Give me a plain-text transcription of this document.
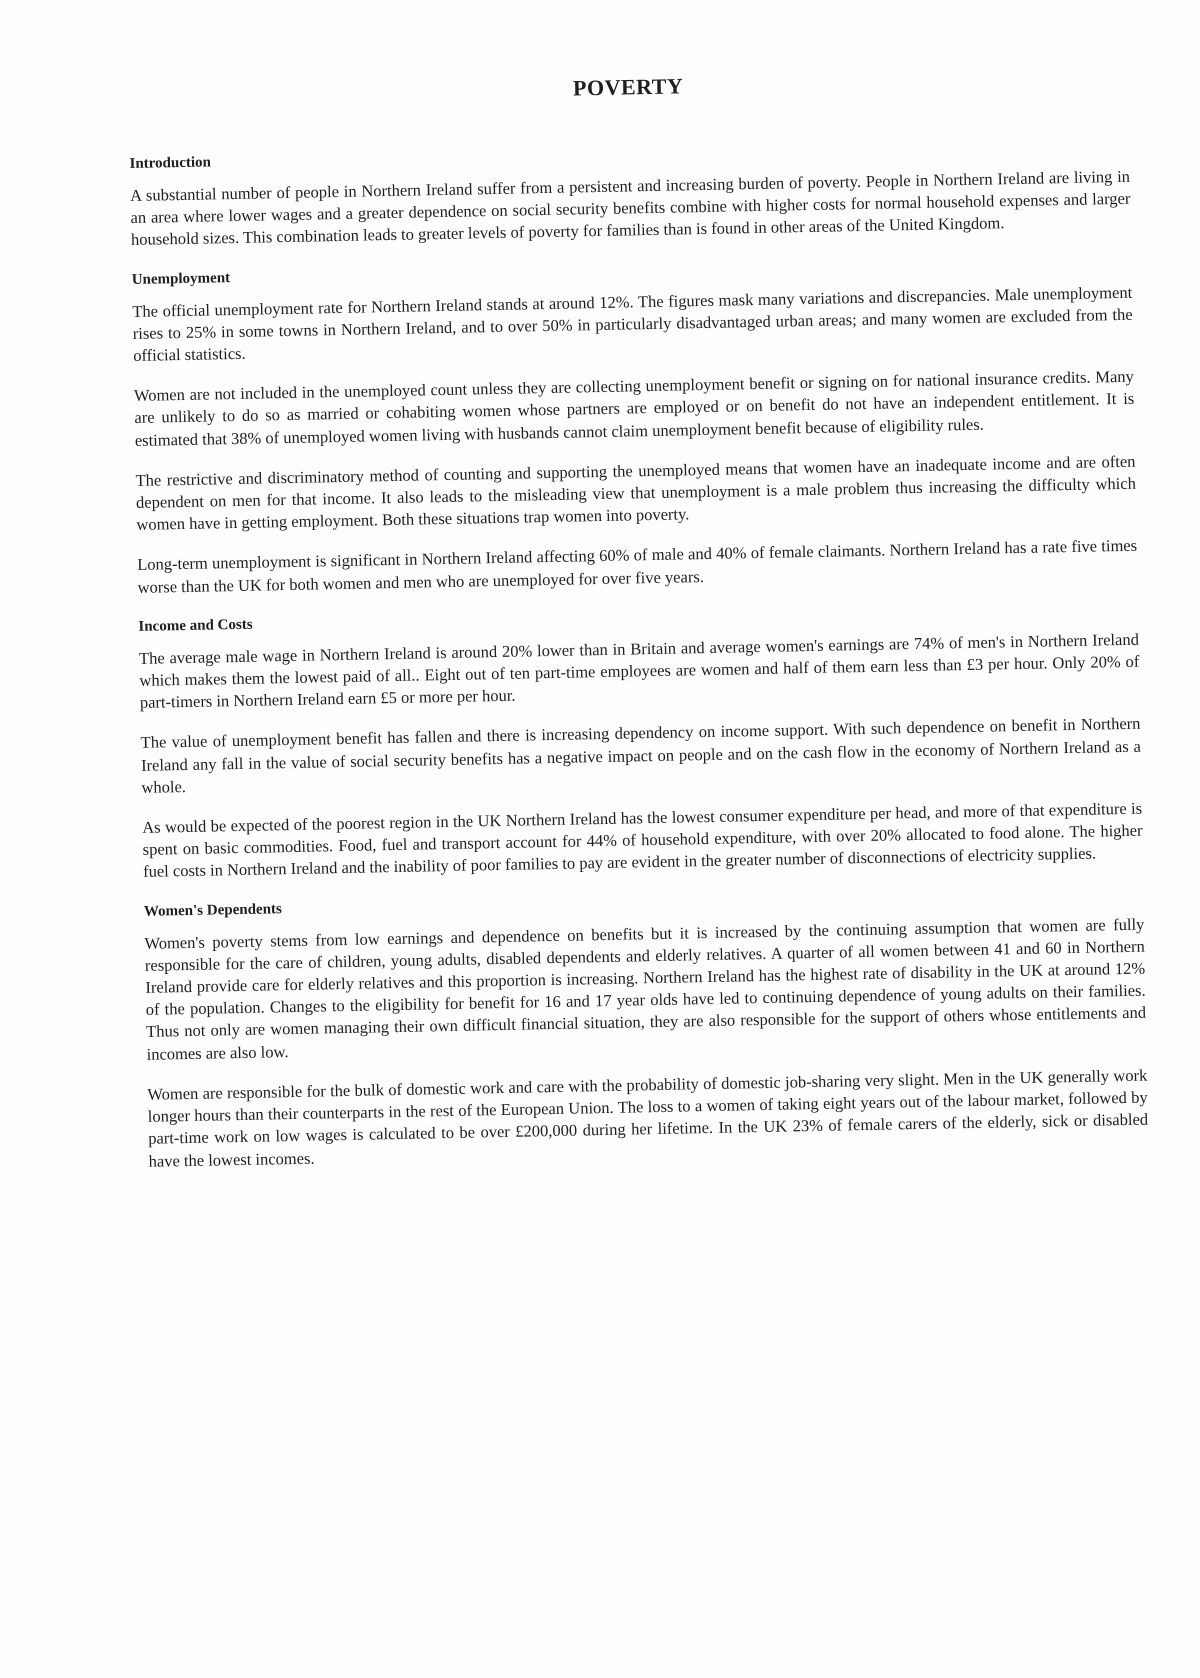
POVERTY
Introduction

A substantial number of people in Northern Ireland suffer from a persistent and increasing burden of poverty. People in Northern Ireland are living in an area where lower wages and a greater dependence on social security benefits combine with higher costs for normal household expenses and larger household sizes. This combination leads to greater levels of poverty for families than is found in other areas of the United Kingdom.

Unemployment

The official unemployment rate for Northern Ireland stands at around 12%. The figures mask many variations and discrepancies. Male unemployment rises to 25% in some towns in Northern Ireland, and to over 50% in particularly disadvantaged urban areas; and many women are excluded from the official statistics.

Women are not included in the unemployed count unless they are collecting unemployment benefit or signing on for national insurance credits. Many are unlikely to do so as married or cohabiting women whose partners are employed or on benefit do not have an independent entitlement. It is estimated that 38% of unemployed women living with husbands cannot claim unemployment benefit because of eligibility rules.

The restrictive and discriminatory method of counting and supporting the unemployed means that women have an inadequate income and are often dependent on men for that income. It also leads to the misleading view that unemployment is a male problem thus increasing the difficulty which women have in getting employment. Both these situations trap women into poverty.

Long-term unemployment is significant in Northern Ireland affecting 60% of male and 40% of female claimants. Northern Ireland has a rate five times worse than the UK for both women and men who are unemployed for over five years.

Income and Costs

The average male wage in Northern Ireland is around 20% lower than in Britain and average women's earnings are 74% of men's in Northern Ireland which makes them the lowest paid of all.. Eight out of ten part-time employees are women and half of them earn less than £3 per hour. Only 20% of part-timers in Northern Ireland earn £5 or more per hour.

The value of unemployment benefit has fallen and there is increasing dependency on income support. With such dependence on benefit in Northern Ireland any fall in the value of social security benefits has a negative impact on people and on the cash flow in the economy of Northern Ireland as a whole.

As would be expected of the poorest region in the UK Northern Ireland has the lowest consumer expenditure per head, and more of that expenditure is spent on basic commodities. Food, fuel and transport account for 44% of household expenditure, with over 20% allocated to food alone. The higher fuel costs in Northern Ireland and the inability of poor families to pay are evident in the greater number of disconnections of electricity supplies.

Women's Dependents

Women's poverty stems from low earnings and dependence on benefits but it is increased by the continuing assumption that women are fully responsible for the care of children, young adults, disabled dependents and elderly relatives. A quarter of all women between 41 and 60 in Northern Ireland provide care for elderly relatives and this proportion is increasing. Northern Ireland has the highest rate of disability in the UK at around 12% of the population. Changes to the eligibility for benefit for 16 and 17 year olds have led to continuing dependence of young adults on their families. Thus not only are women managing their own difficult financial situation, they are also responsible for the support of others whose entitlements and incomes are also low.

Women are responsible for the bulk of domestic work and care with the probability of domestic job-sharing very slight. Men in the UK generally work longer hours than their counterparts in the rest of the European Union. The loss to a women of taking eight years out of the labour market, followed by part-time work on low wages is calculated to be over £200,000 during her lifetime. In the UK 23% of female carers of the elderly, sick or disabled have the lowest incomes.
